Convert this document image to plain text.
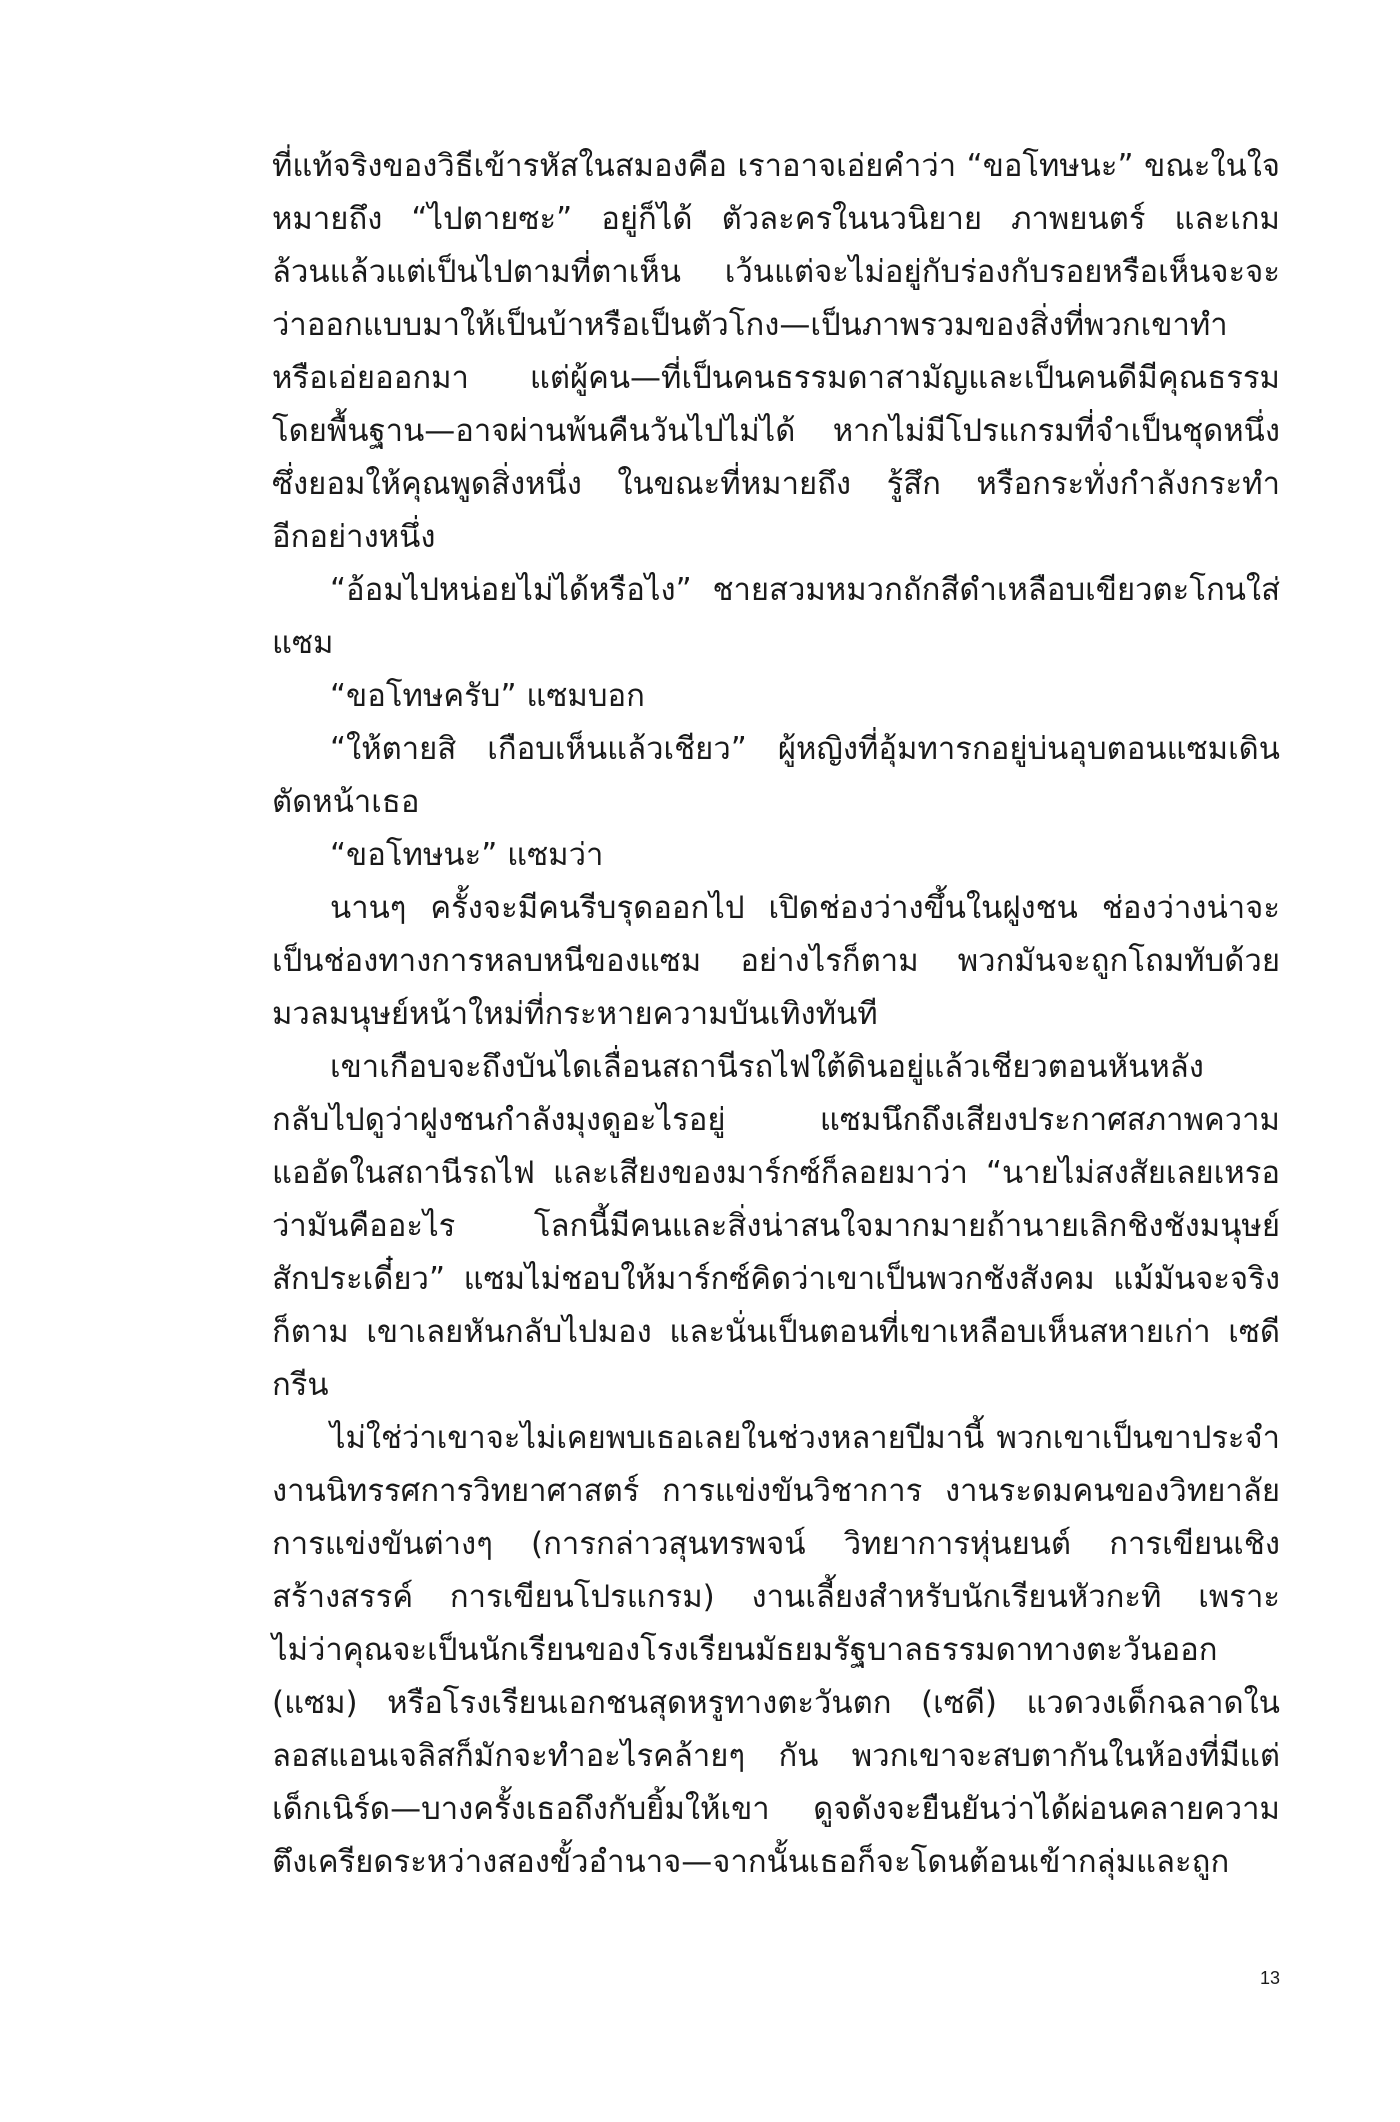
ที่แท้จริงของวิธีเข้ารหัสในสมองคือ เราอาจเอ่ยคำว่า “ขอโทษนะ” ขณะในใจ
หมายถึง “ไปตายซะ” อยู่ก็ได้ ตัวละครในนวนิยาย ภาพยนตร์ และเกม
ล้วนแล้วแต่เป็นไปตามที่ตาเห็น เว้นแต่จะไม่อยู่กับร่องกับรอยหรือเห็นจะจะ
ว่าออกแบบมาให้เป็นบ้าหรือเป็นตัวโกง—เป็นภาพรวมของสิ่งที่พวกเขาทำ
หรือเอ่ยออกมา แต่ผู้คน—ที่เป็นคนธรรมดาสามัญและเป็นคนดีมีคุณธรรม
โดยพื้นฐาน—อาจผ่านพ้นคืนวันไปไม่ได้ หากไม่มีโปรแกรมที่จำเป็นชุดหนึ่ง
ซึ่งยอมให้คุณพูดสิ่งหนึ่ง ในขณะที่หมายถึง รู้สึก หรือกระทั่งกำลังกระทำ
อีกอย่างหนึ่ง
“อ้อมไปหน่อยไม่ได้หรือไง” ชายสวมหมวกถักสีดำเหลือบเขียวตะโกนใส่
แซม
“ขอโทษครับ” แซมบอก
“ให้ตายสิ เกือบเห็นแล้วเชียว” ผู้หญิงที่อุ้มทารกอยู่บ่นอุบตอนแซมเดิน
ตัดหน้าเธอ
“ขอโทษนะ” แซมว่า
นานๆ ครั้งจะมีคนรีบรุดออกไป เปิดช่องว่างขึ้นในฝูงชน ช่องว่างน่าจะ
เป็นช่องทางการหลบหนีของแซม อย่างไรก็ตาม พวกมันจะถูกโถมทับด้วย
มวลมนุษย์หน้าใหม่ที่กระหายความบันเทิงทันที
เขาเกือบจะถึงบันไดเลื่อนสถานีรถไฟใต้ดินอยู่แล้วเชียวตอนหันหลัง
กลับไปดูว่าฝูงชนกำลังมุงดูอะไรอยู่ แซมนึกถึงเสียงประกาศสภาพความ
แออัดในสถานีรถไฟ และเสียงของมาร์กซ์ก็ลอยมาว่า “นายไม่สงสัยเลยเหรอ
ว่ามันคืออะไร โลกนี้มีคนและสิ่งน่าสนใจมากมายถ้านายเลิกชิงชังมนุษย์
สักประเดี๋ยว” แซมไม่ชอบให้มาร์กซ์คิดว่าเขาเป็นพวกชังสังคม แม้มันจะจริง
ก็ตาม เขาเลยหันกลับไปมอง และนั่นเป็นตอนที่เขาเหลือบเห็นสหายเก่า เซดี
กรีน
ไม่ใช่ว่าเขาจะไม่เคยพบเธอเลยในช่วงหลายปีมานี้ พวกเขาเป็นขาประจำ
งานนิทรรศการวิทยาศาสตร์ การแข่งขันวิชาการ งานระดมคนของวิทยาลัย
การแข่งขันต่างๆ (การกล่าวสุนทรพจน์ วิทยาการหุ่นยนต์ การเขียนเชิง
สร้างสรรค์ การเขียนโปรแกรม) งานเลี้ยงสำหรับนักเรียนหัวกะทิ เพราะ
ไม่ว่าคุณจะเป็นนักเรียนของโรงเรียนมัธยมรัฐบาลธรรมดาทางตะวันออก
(แซม) หรือโรงเรียนเอกชนสุดหรูทางตะวันตก (เซดี) แวดวงเด็กฉลาดใน
ลอสแอนเจลิสก็มักจะทำอะไรคล้ายๆ กัน พวกเขาจะสบตากันในห้องที่มีแต่
เด็กเนิร์ด—บางครั้งเธอถึงกับยิ้มให้เขา ดูจดังจะยืนยันว่าได้ผ่อนคลายความ
ตึงเครียดระหว่างสองขั้วอำนาจ—จากนั้นเธอก็จะโดนต้อนเข้ากลุ่มและถูก
13
